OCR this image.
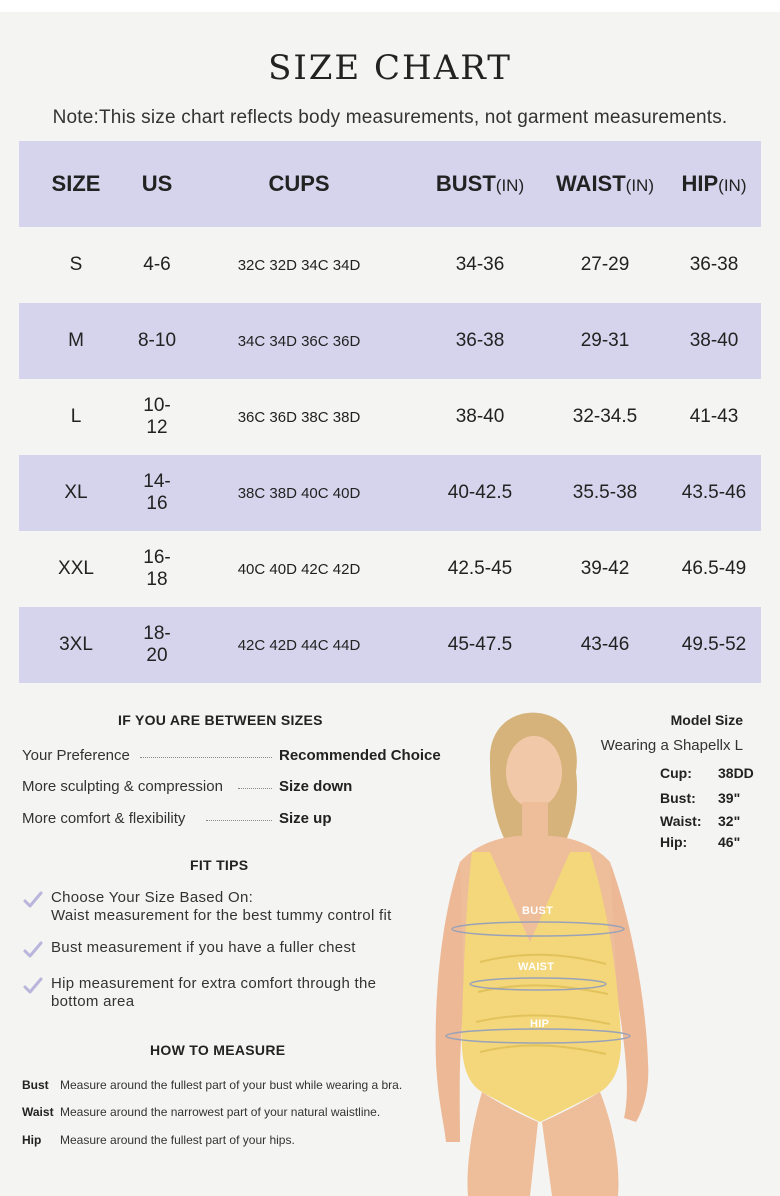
SIZE CHART
Note:This size chart reflects body measurements, not garment measurements.
SIZE	US	CUPS	BUST(IN)	WAIST(IN)	HIP(IN)
S	4-6	32C 32D 34C 34D	34-36	27-29	36-38
M	8-10	34C 34D 36C 36D	36-38	29-31	38-40
L	10-12	36C 36D 38C 38D	38-40	32-34.5	41-43
XL	14-16	38C 38D 40C 40D	40-42.5	35.5-38	43.5-46
XXL	16-18	40C 40D 42C 42D	42.5-45	39-42	46.5-49
3XL	18-20	42C 42D 44C 44D	45-47.5	43-46	49.5-52
IF YOU ARE BETWEEN SIZES
Your Preference	Recommended Choice
More sculpting & compression	Size down
More comfort & flexibility	Size up
FIT TIPS
Choose Your Size Based On:
Waist measurement for the best tummy control fit
Bust measurement if you have a fuller chest
Hip measurement for extra comfort through the
bottom area
HOW TO MEASURE
Bust Measure around the fullest part of your bust while wearing a bra.
Waist Measure around the narrowest part of your natural waistline.
Hip Measure around the fullest part of your hips.
BUST
WAIST
HIP
Model Size
Wearing a Shapellx L
Cup: 38DD
Bust: 39"
Waist: 32"
Hip: 46"
